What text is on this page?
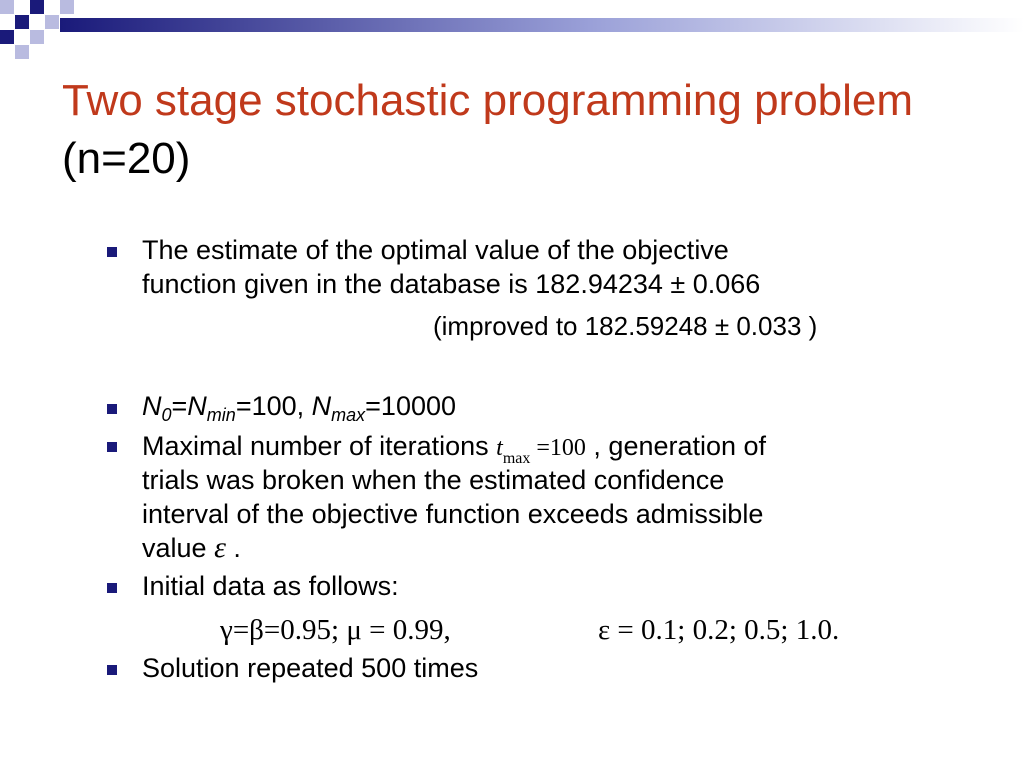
Two stage stochastic programming problem (n=20)
The estimate of the optimal value of the objective
function given in the database is 182.94234 ± 0.066
(improved to 182.59248 ± 0.033 )
$N_0=N_{min}=100$, $N_{max}=10000$
Maximal number of iterations $t_{max} =100$ , generation of
trials was broken when the estimated confidence
interval of the objective function exceeds admissible
value ε .
Initial data as follows:
γ=β=0.95; μ = 0.99,	ε = 0.1; 0.2; 0.5; 1.0.
Solution repeated 500 times
